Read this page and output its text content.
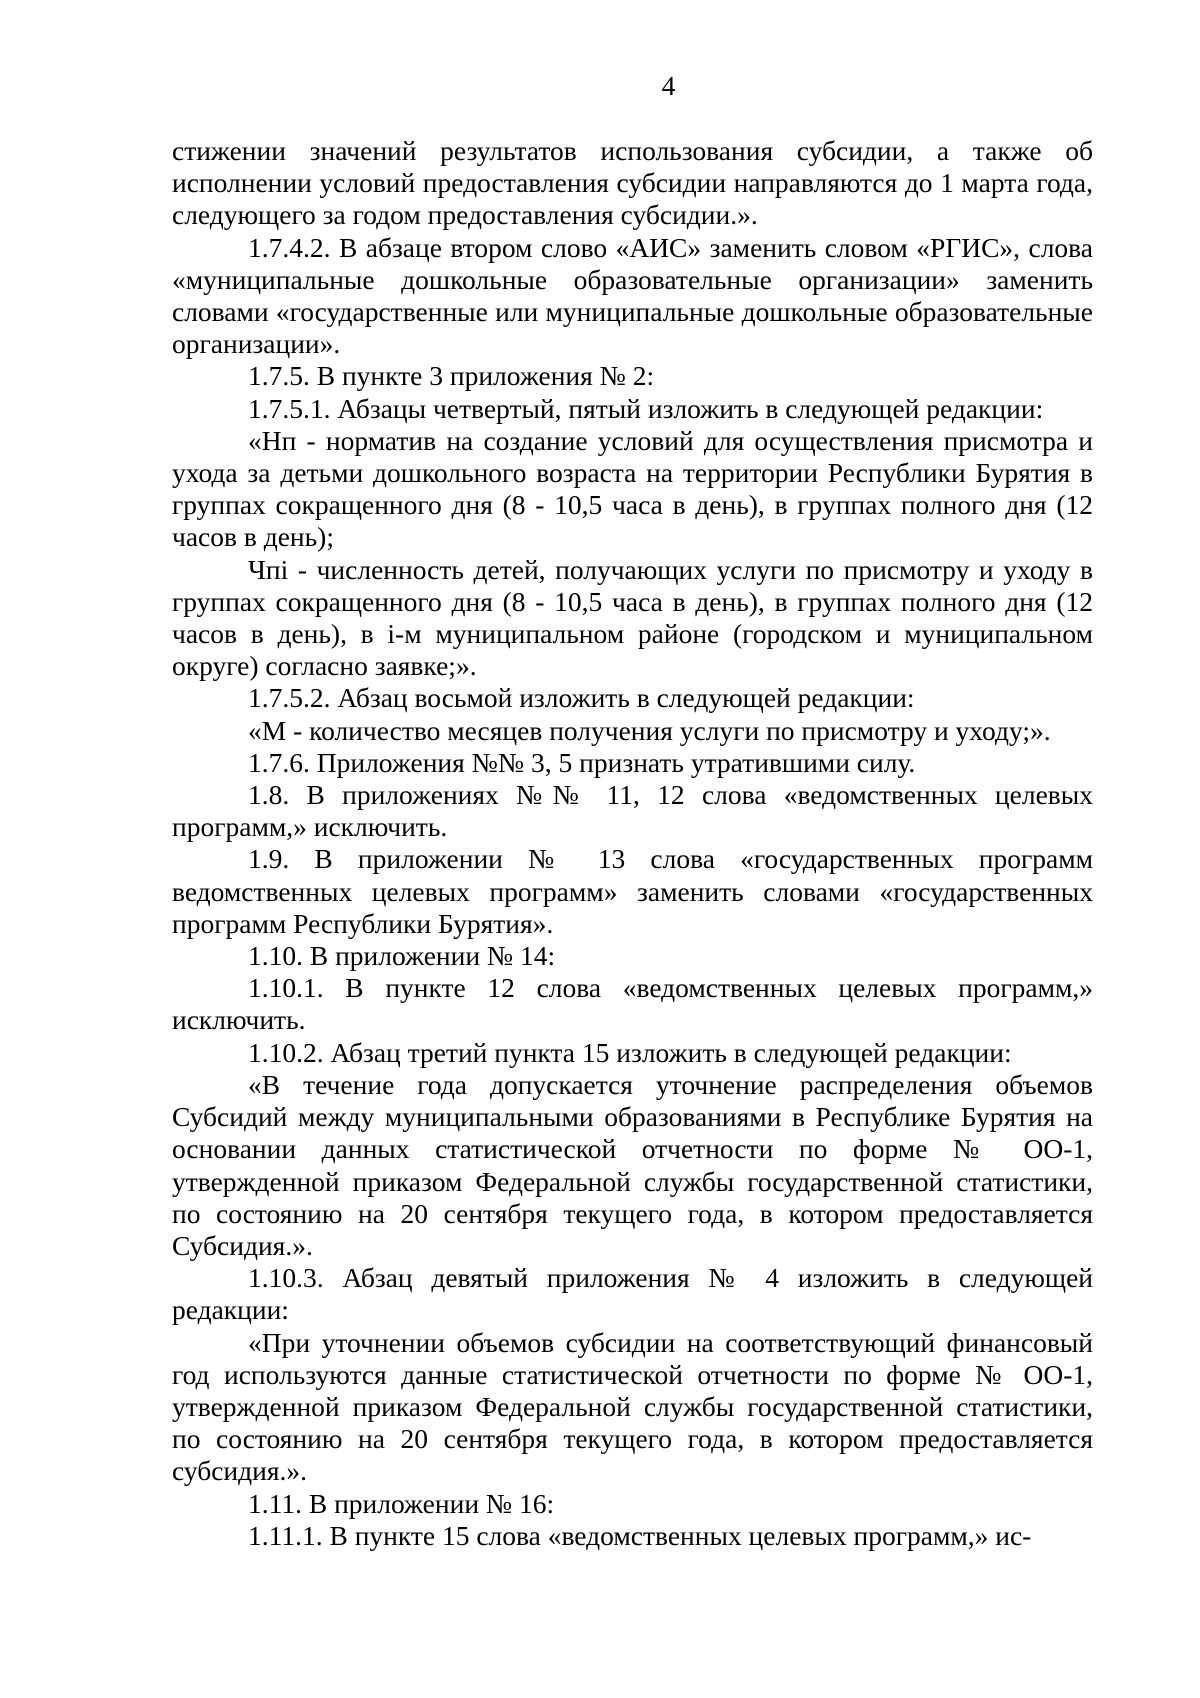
4

стижении значений результатов использования субсидии, а также об исполнении условий предоставления субсидии направляются до 1 марта года, следующего за годом предоставления субсидии.».

1.7.4.2. В абзаце втором слово «АИС» заменить словом «РГИС», слова «муниципальные дошкольные образовательные организации» заменить словами «государственные или муниципальные дошкольные образовательные организации».

1.7.5. В пункте 3 приложения № 2:

1.7.5.1. Абзацы четвертый, пятый изложить в следующей редакции:

«Нп - норматив на создание условий для осуществления присмотра и ухода за детьми дошкольного возраста на территории Республики Бурятия в группах сокращенного дня (8 - 10,5 часа в день), в группах полного дня (12 часов в день);

Чпi - численность детей, получающих услуги по присмотру и уходу в группах сокращенного дня (8 - 10,5 часа в день), в группах полного дня (12 часов в день), в i-м муниципальном районе (городском и муниципальном округе) согласно заявке;».

1.7.5.2. Абзац восьмой изложить в следующей редакции:

«М - количество месяцев получения услуги по присмотру и уходу;».

1.7.6. Приложения №№ 3, 5 признать утратившими силу.

1.8. В приложениях №№ 11, 12 слова «ведомственных целевых программ,» исключить.

1.9. В приложении № 13 слова «государственных программ ведомственных целевых программ» заменить словами «государственных программ Республики Бурятия».

1.10. В приложении № 14:

1.10.1. В пункте 12 слова «ведомственных целевых программ,» исключить.

1.10.2. Абзац третий пункта 15 изложить в следующей редакции:

«В течение года допускается уточнение распределения объемов Субсидий между муниципальными образованиями в Республике Бурятия на основании данных статистической отчетности по форме № ОО-1, утвержденной приказом Федеральной службы государственной статистики, по состоянию на 20 сентября текущего года, в котором предоставляется Субсидия.».

1.10.3. Абзац девятый приложения № 4 изложить в следующей редакции:

«При уточнении объемов субсидии на соответствующий финансовый год используются данные статистической отчетности по форме № ОО-1, утвержденной приказом Федеральной службы государственной статистики, по состоянию на 20 сентября текущего года, в котором предоставляется субсидия.».

1.11. В приложении № 16:

1.11.1. В пункте 15 слова «ведомственных целевых программ,» ис-
